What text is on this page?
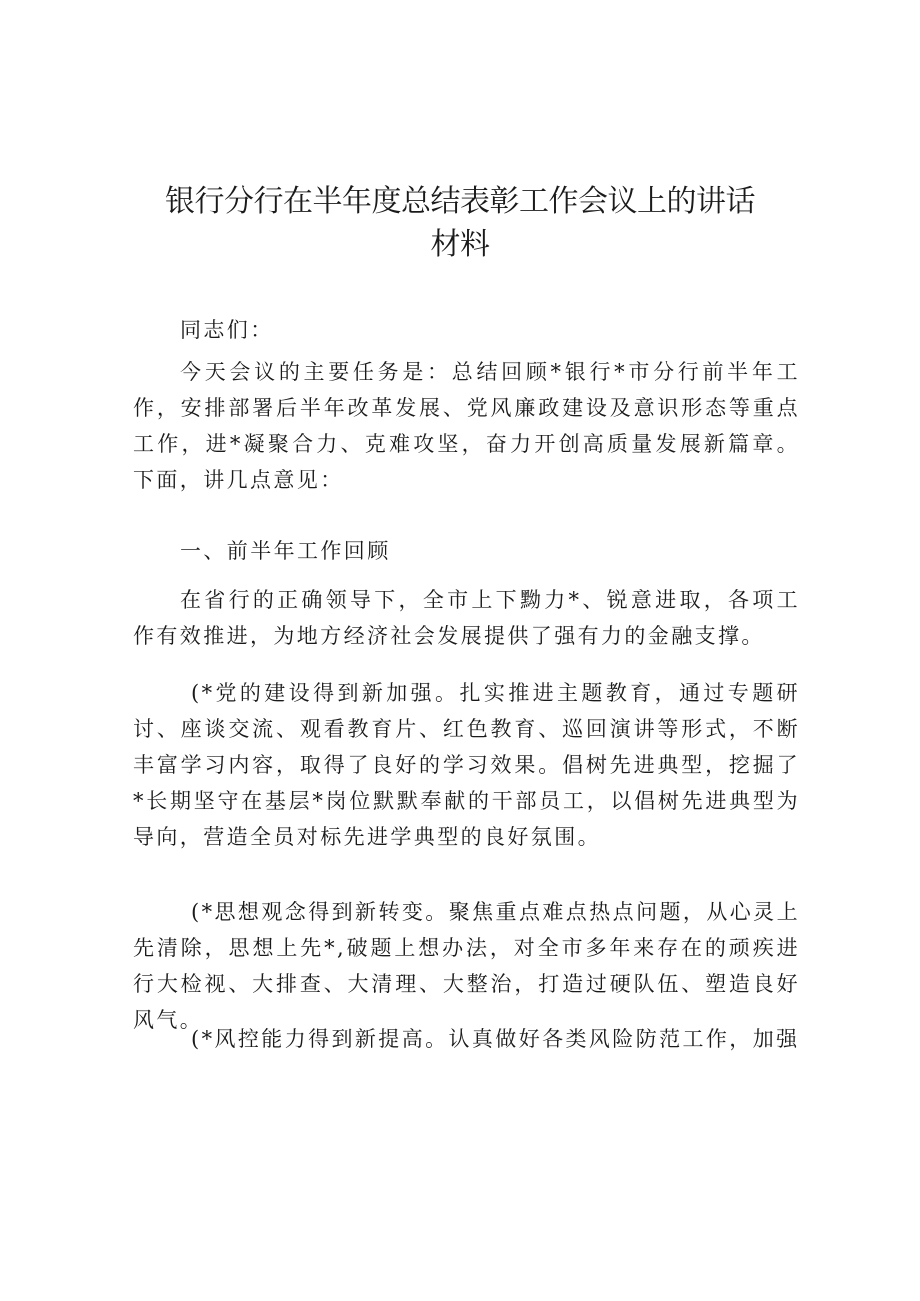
银行分行在半年度总结表彰工作会议上的讲话
材料
同志们：
今天会议的主要任务是：总结回顾*银行*市分行前半年工作，安排部署后半年改革发展、党风廉政建设及意识形态等重点工作，进*凝聚合力、克难攻坚，奋力开创高质量发展新篇章。下面，讲几点意见：
一、前半年工作回顾
在省行的正确领导下，全市上下黝力*、锐意进取，各项工作有效推进，为地方经济社会发展提供了强有力的金融支撑。
(*党的建设得到新加强。扎实推进主题教育，通过专题研讨、座谈交流、观看教育片、红色教育、巡回演讲等形式，不断丰富学习内容，取得了良好的学习效果。倡树先进典型，挖掘了*长期坚守在基层*岗位默默奉献的干部员工，以倡树先进典型为导向，营造全员对标先进学典型的良好氛围。
(*思想观念得到新转变。聚焦重点难点热点问题，从心灵上先清除，思想上先*,破题上想办法，对全市多年来存在的顽疾进行大检视、大排查、大清理、大整治，打造过硬队伍、塑造良好风气。
(*风控能力得到新提高。认真做好各类风险防范工作，加强
